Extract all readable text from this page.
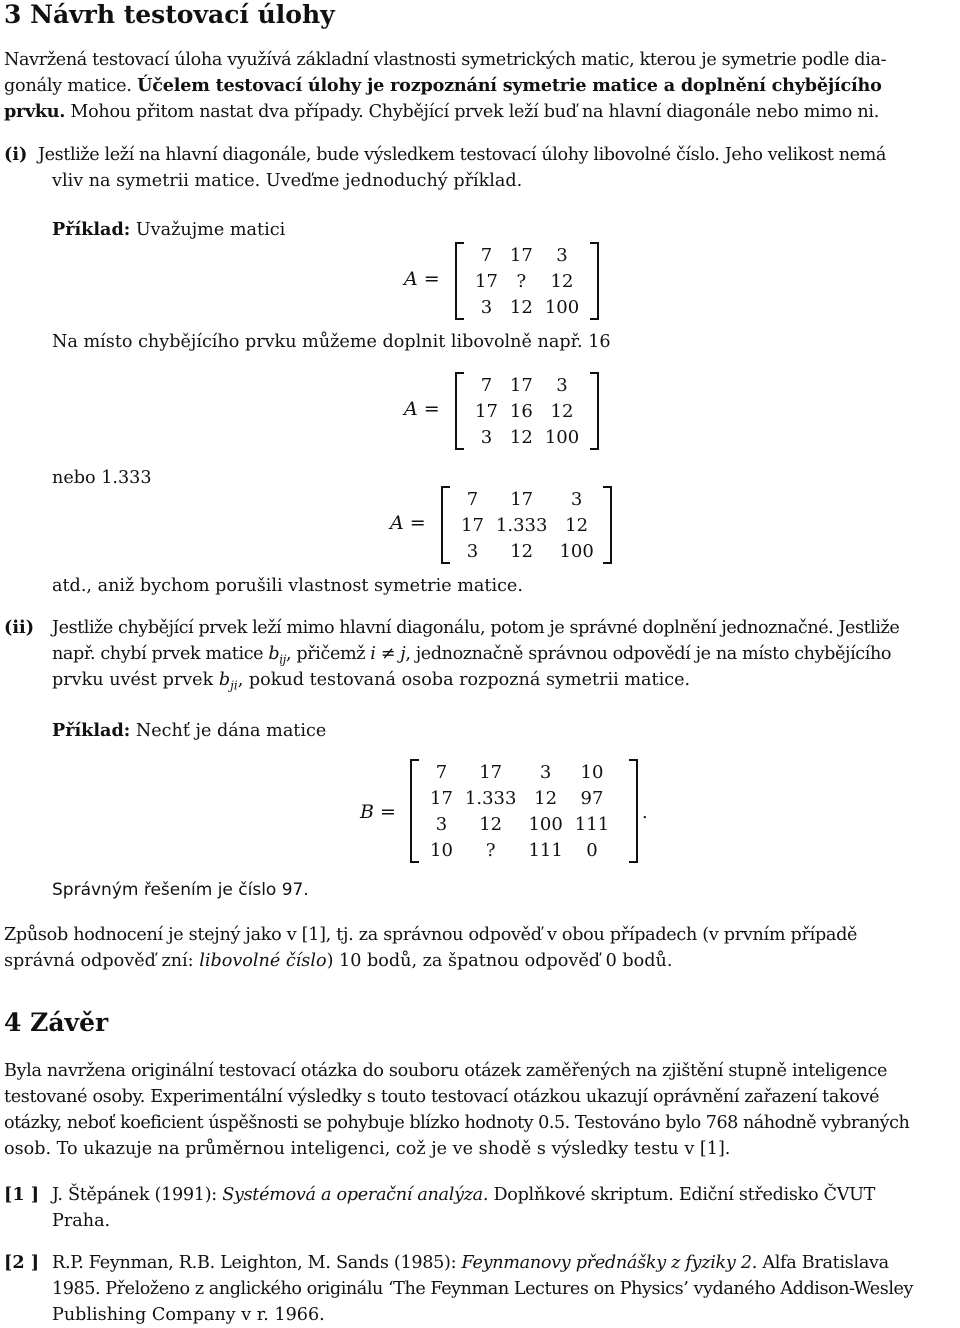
3 Návrh testovací úlohy
Navržená testovací úloha využívá základní vlastnosti symetrických matic, kterou je symetrie podle dia-
gonály matice. Účelem testovací úlohy je rozpoznání symetrie matice a doplnění chybějícího
prvku. Mohou přitom nastat dva případy. Chybějící prvek leží buď na hlavní diagonále nebo mimo ni.
(i) Jestliže leží na hlavní diagonále, bude výsledkem testovací úlohy libovolné číslo. Jeho velikost nemá
vliv na symetrii matice. Uveďme jednoduchý příklad.
Příklad: Uvažujme matici
A =
7	17	3
17	?	12
3	12	100
Na místo chybějícího prvku můžeme doplnit libovolně např. 16
A =
7	17	3
17	16	12
3	12	100
nebo 1.333
A =
7	17	3
17	1.333	12
3	12	100
atd., aniž bychom porušili vlastnost symetrie matice.
(ii) Jestliže chybějící prvek leží mimo hlavní diagonálu, potom je správné doplnění jednoznačné. Jestliže
např. chybí prvek matice $b_{ij}$, přičemž i ≠ j, jednoznačně správnou odpovědí je na místo chybějícího
prvku uvést prvek $b_{ji}$, pokud testovaná osoba rozpozná symetrii matice.
Příklad: Nechť je dána matice
B =
7	17	3	10
17	1.333	12	97
3	12	100	111
10	?	111	0
.
Správným řešením je číslo 97.
Způsob hodnocení je stejný jako v [1], tj. za správnou odpověď v obou případech (v prvním případě
správná odpověď zní: libovolné číslo) 10 bodů, za špatnou odpověď 0 bodů.
4 Závěr
Byla navržena originální testovací otázka do souboru otázek zaměřených na zjištění stupně inteligence
testované osoby. Experimentální výsledky s touto testovací otázkou ukazují oprávnění zařazení takové
otázky, neboť koeficient úspěšnosti se pohybuje blízko hodnoty 0.5. Testováno bylo 768 náhodně vybraných
osob. To ukazuje na průměrnou inteligenci, což je ve shodě s výsledky testu v [1].
[1 ] J. Štěpánek (1991): Systémová a operační analýza. Doplňkové skriptum. Ediční středisko ČVUT
Praha.
[2 ] R.P. Feynman, R.B. Leighton, M. Sands (1985): Feynmanovy přednášky z fyziky 2. Alfa Bratislava
1985. Přeloženo z anglického originálu ‘The Feynman Lectures on Physics’ vydaného Addison-Wesley
Publishing Company v r. 1966.
